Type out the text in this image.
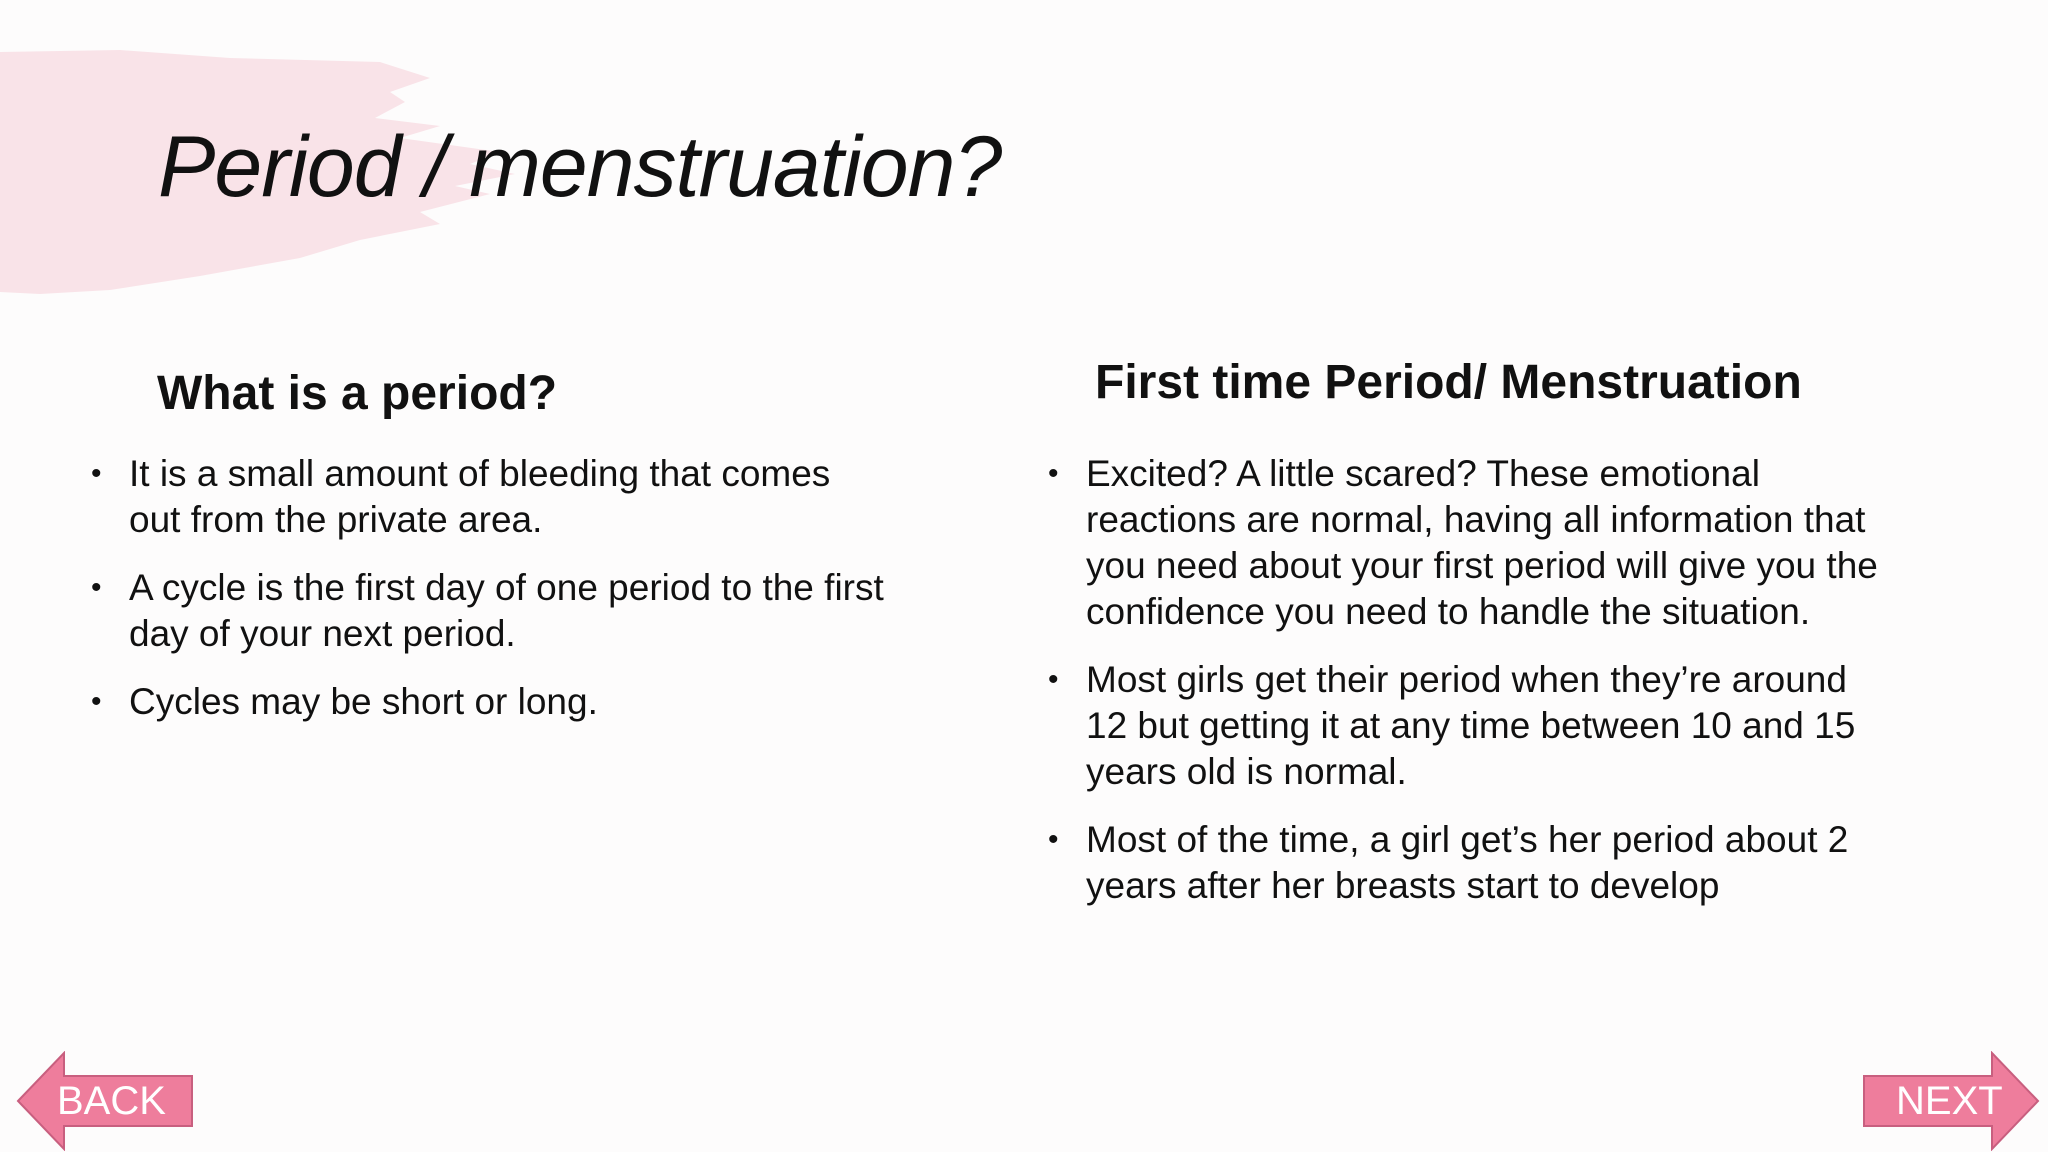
Period / menstruation?
What is a period?
• It is a small amount of bleeding that comes out from the private area.
• A cycle is the first day of one period to the first day of your next period.
• Cycles may be short or long.
First time Period/ Menstruation
• Excited? A little scared? These emotional reactions are normal, having all information that you need about your first period will give you the confidence you need to handle the situation.
• Most girls get their period when they’re around 12 but getting it at any time between 10 and 15 years old is normal.
• Most of the time, a girl get’s her period about 2 years after her breasts start to develop
BACK	NEXT
